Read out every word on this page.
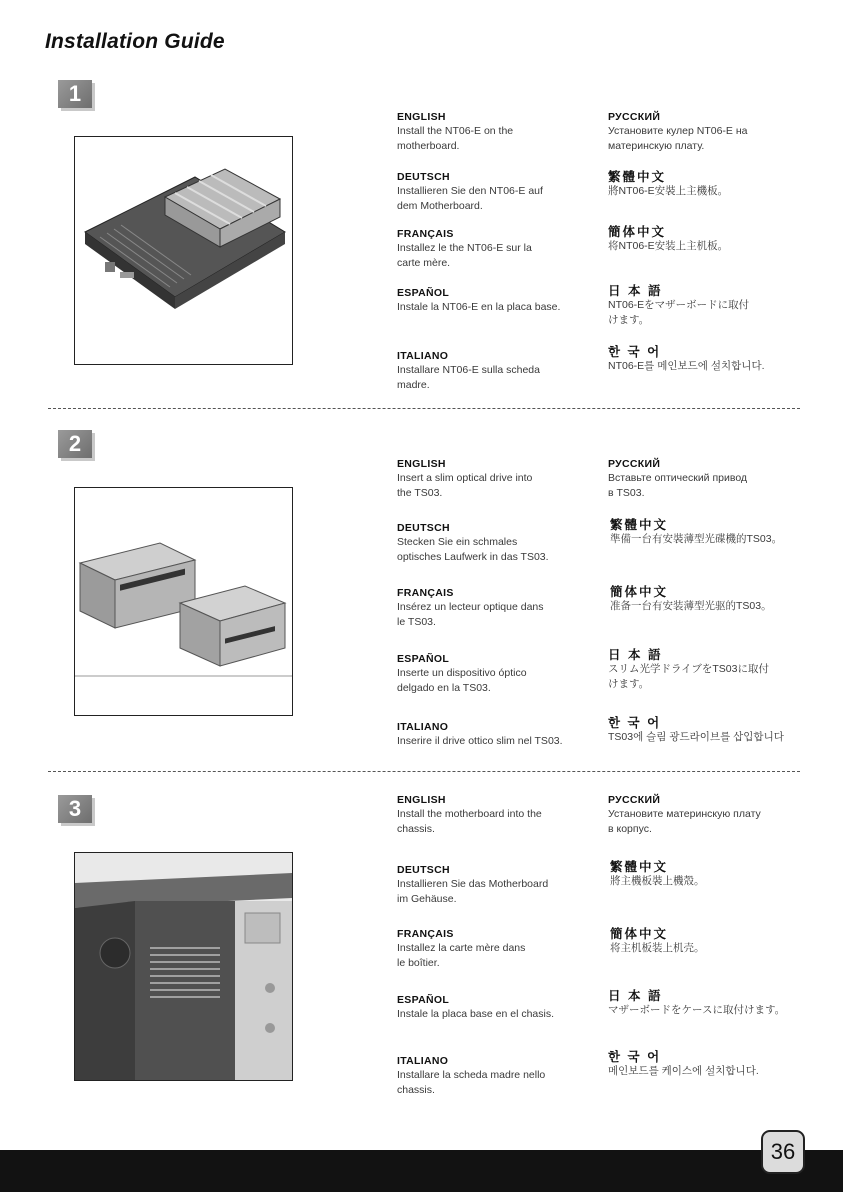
Installation Guide
1
ENGLISH
Install the NT06-E on the
motherboard.
DEUTSCH
Installieren Sie den NT06-E auf
dem Motherboard.
FRANÇAIS
Installez le the NT06-E sur la
carte mère.
ESPAÑOL
Instale la NT06-E en la placa base.
ITALIANO
Installare NT06-E sulla scheda
madre.
РУССКИЙ
Установите кулер NT06-E на
материнскую плату.
繁體中文
將NT06-E安裝上主機板。
簡体中文
将NT06-E安装上主机板。
日 本 語
NT06-Eをマザーボードに取付
けます。
한 국 어
NT06-E를 메인보드에 설치합니다.
2
ENGLISH
Insert a slim optical drive into
the TS03.
DEUTSCH
Stecken Sie ein schmales
optisches Laufwerk in das TS03.
FRANÇAIS
Insérez un lecteur optique dans
le TS03.
ESPAÑOL
Inserte un dispositivo óptico
delgado en la TS03.
ITALIANO
Inserire il drive ottico slim nel TS03.
РУССКИЙ
Вставьте оптический привод
в TS03.
繁體中文
準備一台有安裝薄型光碟機的TS03。
簡体中文
准备一台有安装薄型光驱的TS03。
日 本 語
スリム光学ドライブをTS03に取付
けます。
한 국 어
TS03에 슬림 광드라이브를 삽입합니다
3	ENGLISH
Install the motherboard into the
chassis.
DEUTSCH
Installieren Sie das Motherboard
im Gehäuse.
FRANÇAIS
Installez la carte mère dans
le boîtier.
ESPAÑOL
Instale la placa base en el chasis.
ITALIANO
Installare la scheda madre nello
chassis.
РУССКИЙ
Установите материнскую плату
в корпус.
繁體中文
將主機板裝上機殼。
簡体中文
将主机板装上机壳。
日 本 語
マザーボードをケースに取付けます。
한 국 어
메인보드를 케이스에 설치합니다.
36
